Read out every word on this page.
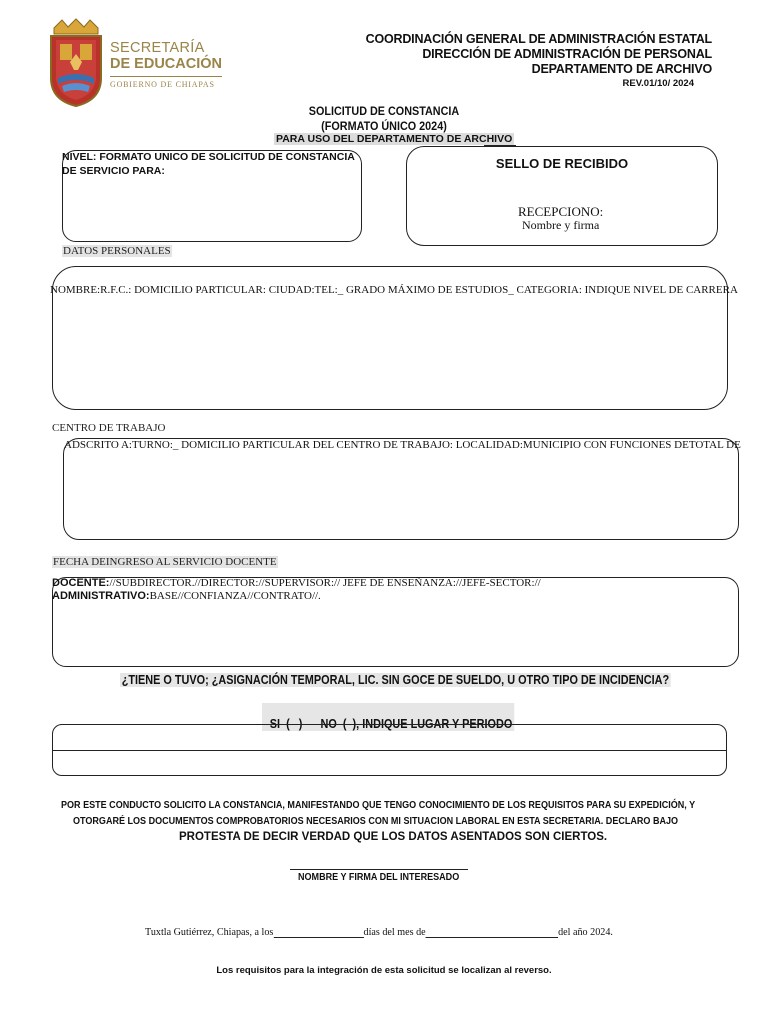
SECRETARÍA
DE EDUCACIÓN
GOBIERNO DE CHIAPAS
COORDINACIÓN GENERAL DE ADMINISTRACIÓN ESTATAL
DIRECCIÓN DE ADMINISTRACIÓN DE PERSONAL
DEPARTAMENTO DE ARCHIVO
REV.01/10/ 2024
SOLICITUD DE CONSTANCIA
(FORMATO ÚNICO 2024)
PARA USO DEL DEPARTAMENTO DE ARCHIVO
NIVEL: FORMATO UNICO DE SOLICITUD DE CONSTANCIA
DE SERVICIO PARA:	SELLO DE RECIBIDO
RECEPCIONO:
Nombre y firma
DATOS PERSONALES
NOMBRE:R.F.C.: DOMICILIO PARTICULAR: CIUDAD:TEL:_ GRADO MÁXIMO DE ESTUDIOS_ CATEGORIA: INDIQUE NIVEL DE CARRERA
CENTRO DE TRABAJO
ADSCRITO A:TURNO:_ DOMICILIO PARTICULAR DEL CENTRO DE TRABAJO: LOCALIDAD:MUNICIPIO CON FUNCIONES DETOTAL DE
FECHA DEINGRESO AL SERVICIO DOCENTE
DOCENTE://SUBDIRECTOR.//DIRECTOR://SUPERVISOR:// JEFE DE ENSEÑANZA://JEFE-SECTOR://
ADMINISTRATIVO:BASE//CONFIANZA//CONTRATO//.
¿TIENE O TUVO; ¿ASIGNACIÓN TEMPORAL, LIC. SIN GOCE DE SUELDO, U OTRO TIPO DE INCIDENCIA?

SI  (   )      NO  (  ), INDIQUE LUGAR Y PERIODO

POR ESTE CONDUCTO SOLICITO LA CONSTANCIA, MANIFESTANDO QUE TENGO CONOCIMIENTO DE LOS REQUISITOS PARA SU EXPEDICIÓN, Y
OTORGARÉ LOS DOCUMENTOS COMPROBATORIOS NECESARIOS CON MI SITUACION LABORAL EN ESTA SECRETARIA. DECLARO BAJO
PROTESTA DE DECIR VERDAD QUE LOS DATOS ASENTADOS SON CIERTOS.
NOMBRE Y FIRMA DEL INTERESADO
Tuxtla Gutiérrez, Chiapas, a los	días del mes de	del año 2024.
Los requisitos para la integración de esta solicitud se localizan al reverso.
